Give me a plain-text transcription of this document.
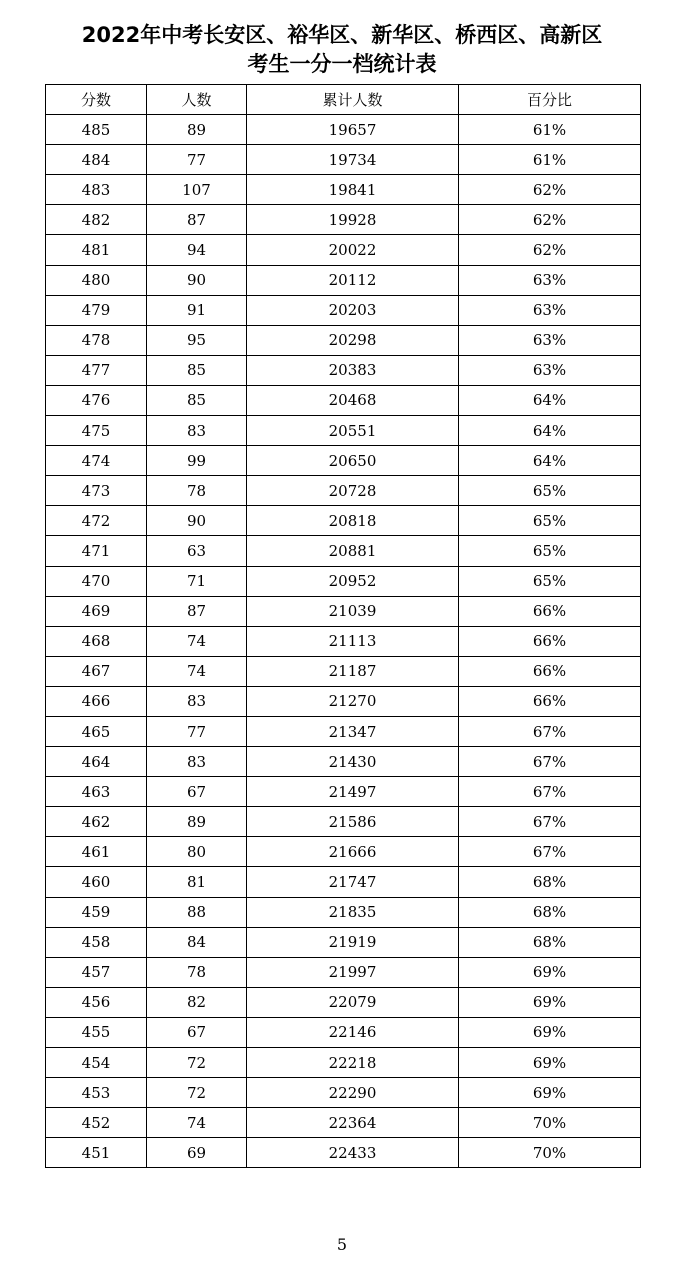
2022年中考长安区、裕华区、新华区、桥西区、高新区
考生一分一档统计表
分数	人数	累计人数	百分比
485	89	19657	61%
484	77	19734	61%
483	107	19841	62%
482	87	19928	62%
481	94	20022	62%
480	90	20112	63%
479	91	20203	63%
478	95	20298	63%
477	85	20383	63%
476	85	20468	64%
475	83	20551	64%
474	99	20650	64%
473	78	20728	65%
472	90	20818	65%
471	63	20881	65%
470	71	20952	65%
469	87	21039	66%
468	74	21113	66%
467	74	21187	66%
466	83	21270	66%
465	77	21347	67%
464	83	21430	67%
463	67	21497	67%
462	89	21586	67%
461	80	21666	67%
460	81	21747	68%
459	88	21835	68%
458	84	21919	68%
457	78	21997	69%
456	82	22079	69%
455	67	22146	69%
454	72	22218	69%
453	72	22290	69%
452	74	22364	70%
451	69	22433	70%
5
